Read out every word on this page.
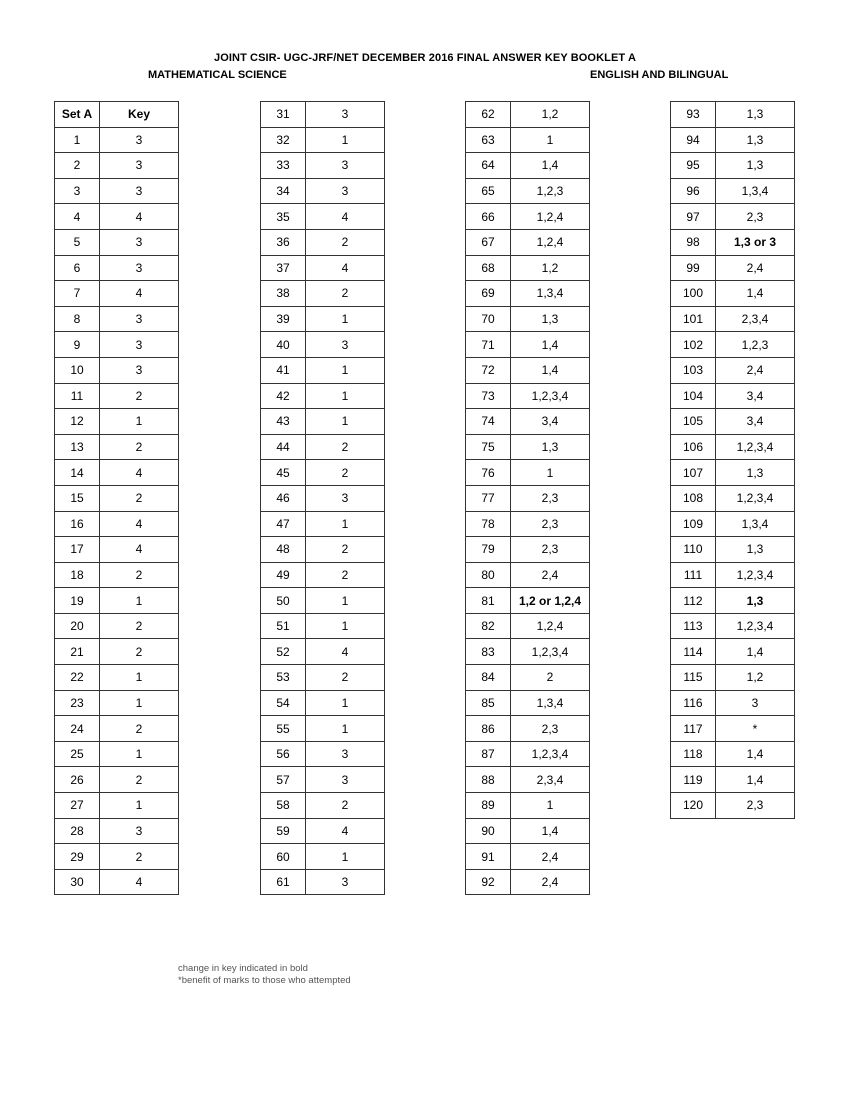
JOINT CSIR- UGC-JRF/NET DECEMBER 2016 FINAL ANSWER KEY BOOKLET A
MATHEMATICAL SCIENCE	ENGLISH AND BILINGUAL
Set A	Key
1	3
2	3
3	3
4	4
5	3
6	3
7	4
8	3
9	3
10	3
11	2
12	1
13	2
14	4
15	2
16	4
17	4
18	2
19	1
20	2
21	2
22	1
23	1
24	2
25	1
26	2
27	1
28	3
29	2
30	4
31	3
32	1
33	3
34	3
35	4
36	2
37	4
38	2
39	1
40	3
41	1
42	1
43	1
44	2
45	2
46	3
47	1
48	2
49	2
50	1
51	1
52	4
53	2
54	1
55	1
56	3
57	3
58	2
59	4
60	1
61	3
62	1,2
63	1
64	1,4
65	1,2,3
66	1,2,4
67	1,2,4
68	1,2
69	1,3,4
70	1,3
71	1,4
72	1,4
73	1,2,3,4
74	3,4
75	1,3
76	1
77	2,3
78	2,3
79	2,3
80	2,4
81	1,2 or 1,2,4
82	1,2,4
83	1,2,3,4
84	2
85	1,3,4
86	2,3
87	1,2,3,4
88	2,3,4
89	1
90	1,4
91	2,4
92	2,4
93	1,3
94	1,3
95	1,3
96	1,3,4
97	2,3
98	1,3 or 3
99	2,4
100	1,4
101	2,3,4
102	1,2,3
103	2,4
104	3,4
105	3,4
106	1,2,3,4
107	1,3
108	1,2,3,4
109	1,3,4
110	1,3
111	1,2,3,4
112	1,3
113	1,2,3,4
114	1,4
115	1,2
116	3
117	*
118	1,4
119	1,4
120	2,3
change in key indicated in bold
*benefit of marks to those who attempted
